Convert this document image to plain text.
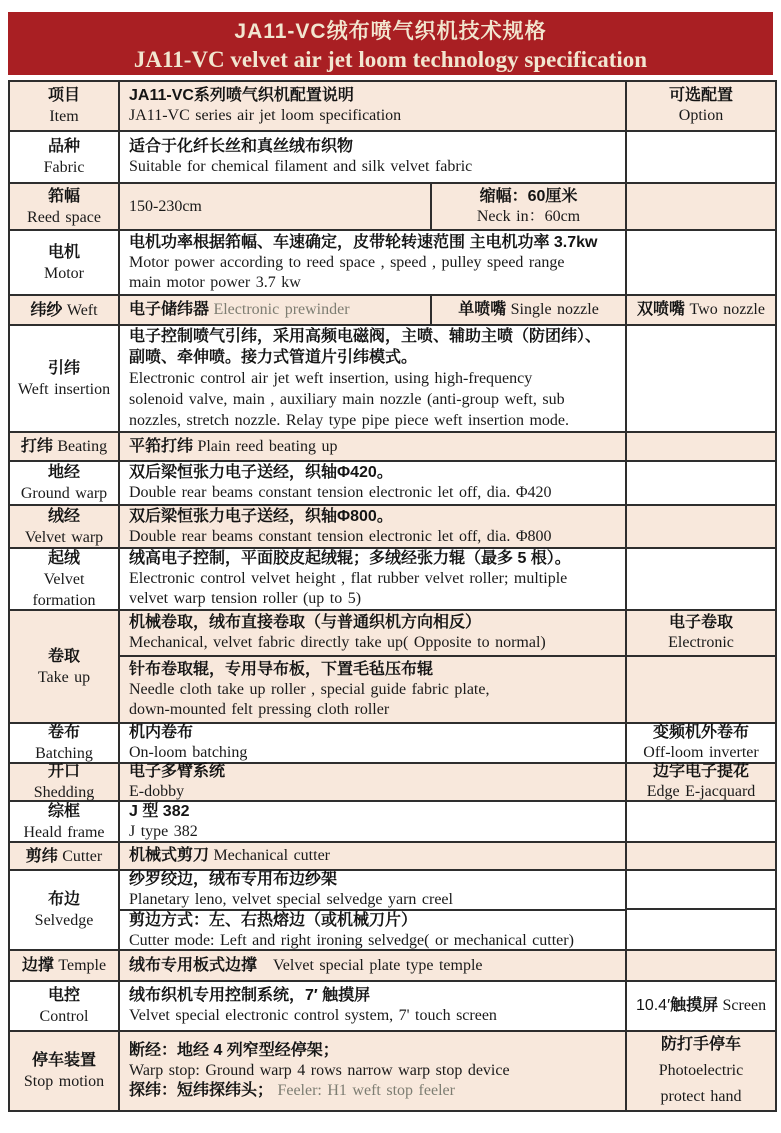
JA11-VC绒布喷气织机技术规格
JA11-VC velvet air jet loom technology specification
项目
Item
JA11-VC系列喷气织机配置说明
JA11-VC series air jet loom specification
可选配置
Option
品种
Fabric
适合于化纤长丝和真丝绒布织物
Suitable for chemical filament and silk velvet fabric
筘幅
Reed space
150-230cm
缩幅：60厘米
Neck in：60cm
电机
Motor
电机功率根据筘幅、车速确定，皮带轮转速范围 主电机功率 3.7kw
Motor power according to reed space , speed , pulley speed range
main motor power 3.7 kw
纬纱 Weft 电子储纬器 Electronic prewinder	单喷嘴 Single nozzle 双喷嘴 Two nozzle
引纬
Weft insertion
电子控制喷气引纬，采用高频电磁阀，主喷、辅助主喷（防团纬）、
副喷、牵伸喷。接力式管道片引纬模式。
Electronic control air jet weft insertion, using high-frequency
solenoid valve, main , auxiliary main nozzle (anti-group weft, sub
nozzles, stretch nozzle. Relay type pipe piece weft insertion mode.
打纬 Beating 平筘打纬 Plain reed beating up
地经
Ground warp
双后梁恒张力电子送经，织轴Φ420。
Double rear beams constant tension electronic let off, dia. Φ420
绒经
Velvet warp
双后梁恒张力电子送经，织轴Φ800。
Double rear beams constant tension electronic let off, dia. Φ800
起绒
Velvet
formation
绒高电子控制，平面胶皮起绒辊；多绒经张力辊（最多 5 根）。
Electronic control velvet height , flat rubber velvet roller; multiple
velvet warp tension roller (up to 5)
卷取
Take up
机械卷取，绒布直接卷取（与普通织机方向相反）
Mechanical, velvet fabric directly take up( Opposite to normal)
针布卷取辊，专用导布板，下置毛毡压布辊
Needle cloth take up roller , special guide fabric plate,
down-mounted felt pressing cloth roller
电子卷取
Electronic
卷布
Batching
机内卷布
On-loom batching
变频机外卷布
Off-loom inverter
开口
Shedding
电子多臂系统
E-dobby
边字电子提花
Edge E-jacquard
综框
Heald frame
J 型 382
J type 382
剪纬 Cutter 机械式剪刀 Mechanical cutter
布边
Selvedge
纱罗绞边，绒布专用布边纱架
Planetary leno, velvet special selvedge yarn creel
剪边方式：左、右热熔边（或机械刀片）
Cutter mode: Left and right ironing selvedge( or mechanical cutter)
边撑 Temple 绒布专用板式边撑　Velvet special plate type temple
电控
Control
绒布织机专用控制系统，7′ 触摸屏
Velvet special electronic control system, 7' touch screen
10.4′触摸屏 Screen
停车装置
Stop motion
断经：地经 4 列窄型经停架；
Warp stop: Ground warp 4 rows narrow warp stop device
探纬：短纬探纬头； Feeler: H1 weft stop feeler
防打手停车
Photoelectric
protect hand
